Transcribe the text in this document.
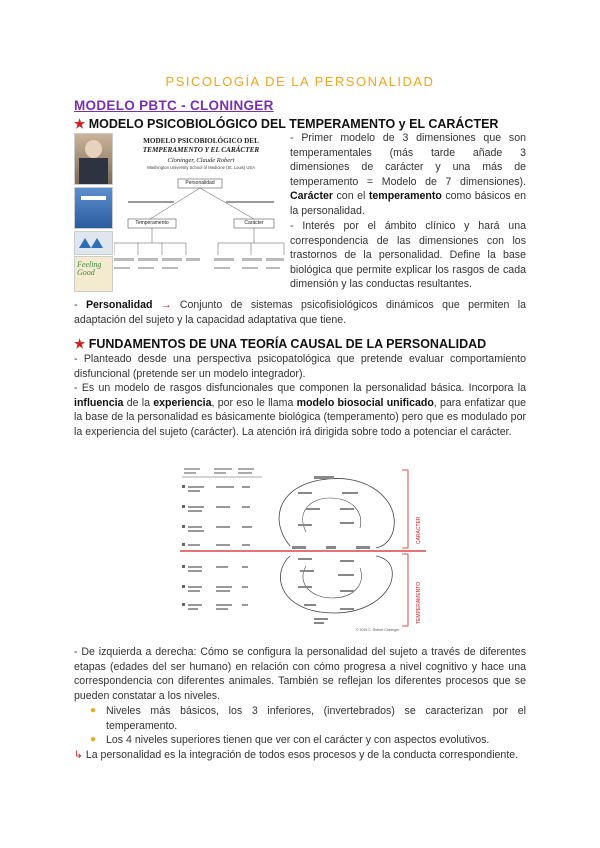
PSICOLOGÍA DE LA PERSONALIDAD
MODELO PBTC - CLONINGER
★ MODELO PSICOBIOLÓGICO DEL TEMPERAMENTO y EL CARÁCTER
Feeling Good
MODELO PSICOBIOLÓGICO DEL
TEMPERAMENTO Y EL CARÁCTER
Cloninger, Claude Robert
Washington University School of Medicine (St. Louis) USA
Personalidad
Temperamento	Carácter
- Primer modelo de 3 dimensiones que son temperamentales (más tarde añade 3 dimensiones de carácter y una más de temperamento = Modelo de 7 dimensiones). Carácter con el temperamento como básicos en la personalidad.
- Interés por el ámbito clínico y hará una correspondencia de las dimensiones con los trastornos de la personalidad. Define la base biológica que permite explicar los rasgos de cada dimensión y las conductas resultantes.
- Personalidad → Conjunto de sistemas psicofisiológicos dinámicos que permiten la adaptación del sujeto y la capacidad adaptativa que tiene.
★ FUNDAMENTOS DE UNA TEORÍA CAUSAL DE LA PERSONALIDAD
- Planteado desde una perspectiva psicopatológica que pretende evaluar comportamiento disfuncional (pretende ser un modelo integrador).
- Es un modelo de rasgos disfuncionales que componen la personalidad básica. Incorpora la influencia de la experiencia, por eso le llama modelo biosocial unificado, para enfatizar que la base de la personalidad es básicamente biológica (temperamento) pero que es modulado por la experiencia del sujeto (carácter). La atención irá dirigida sobre todo a potenciar el carácter.
CARÁCTER
TEMPERAMENTO
© 2015 C. Robert Cloninger
- De izquierda a derecha: Cómo se configura la personalidad del sujeto a través de diferentes etapas (edades del ser humano) en relación con cómo progresa a nivel cognitivo y hace una correspondencia con diferentes animales. También se reflejan los diferentes procesos que se pueden constatar a los niveles.
● Niveles más básicos, los 3 inferiores, (invertebrados) se caracterizan por el temperamento.
● Los 4 niveles superiores tienen que ver con el carácter y con aspectos evolutivos.
↳ La personalidad es la integración de todos esos procesos y de la conducta correspondiente.
